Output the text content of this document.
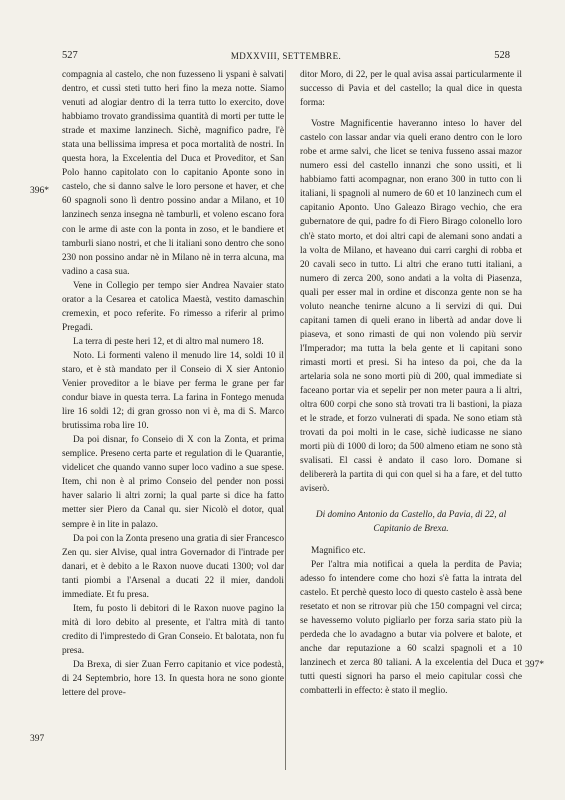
527	MDXXVIII, SETTEMBRE.	528
396*
397
397*

compagnia al castelo, che non fuzesseno li yspani è salvati dentro, et cussì steti tutto heri fino la meza notte. Siamo venuti ad alogiar dentro di la terra tutto lo exercito, dove habbiamo trovato grandissima quantità di morti per tutte le strade et maxime lanzinech. Sichè, magnifico padre, l'è stata una bellissima impresa et poca mortalità de nostri. In questa hora, la Excelentia del Duca et Proveditor, et San Polo hanno capitolato con lo capitanio Aponte sono in castelo, che si danno salve le loro persone et haver, et che 60 spagnoli sono lì dentro possino andar a Milano, et 10 lanzinech senza insegna nè tamburli, et voleno escano fora con le arme di aste con la ponta in zoso, et le bandiere et tamburli siano nostri, et che li italiani sono dentro che sono 230 non possino andar nè in Milano nè in terra alcuna, ma vadino a casa sua.

Vene in Collegio per tempo sier Andrea Navaier stato orator a la Cesarea et catolica Maestà, vestito damaschin cremexin, et poco referite. Fo rimesso a riferir al primo Pregadi.

La terra di peste heri 12, et di altro mal numero 18.

Noto. Li formenti valeno il menudo lire 14, soldi 10 il staro, et è stà mandato per il Conseio di X sier Antonio Venier proveditor a le biave per ferma le grane per far condur biave in questa terra. La farina in Fontego menuda lire 16 soldi 12; di gran grosso non vi è, ma di S. Marco brutissima roba lire 10.

Da poi disnar, fo Conseio di X con la Zonta, et prima semplice. Preseno certa parte et regulation di le Quarantie, videlicet che quando vanno super loco vadino a sue spese. Item, chi non è al primo Conseio del pender non possi haver salario li altri zorni; la qual parte si dice ha fatto metter sier Piero da Canal qu. sier Nicolò el dotor, qual sempre è in lite in palazo.

Da poi con la Zonta preseno una gratia di sier Francesco Zen qu. sier Alvise, qual intra Governador di l'intrade per danari, et è debito a le Raxon nuove ducati 1300; vol dar tanti piombi a l'Arsenal a ducati 22 il mier, dandoli immediate. Et fu presa.

Item, fu posto li debitori di le Raxon nuove pagino la mità di loro debito al presente, et l'altra mità di tanto credito di l'imprestedo di Gran Conseio. Et balotata, non fu presa.

Da Brexa, di sier Zuan Ferro capitanio et vice podestà, di 24 Septembrio, hore 13. In questa hora ne sono gionte lettere del prove-

ditor Moro, di 22, per le qual avisa assai particularmente il successo di Pavia et del castello; la qual dice in questa forma:

Vostre Magnificentie haveranno inteso lo haver del castelo con lassar andar via queli erano dentro con le loro robe et arme salvi, che licet se teniva fusseno assai mazor numero essi del castello innanzi che sono ussiti, et li habbiamo fatti acompagnar, non erano 300 in tutto con li italiani, li spagnoli al numero de 60 et 10 lanzinech cum el capitanio Aponto. Uno Galeazo Birago vechio, che era gubernatore de qui, padre fo di Fiero Birago colonello loro ch'è stato morto, et doi altri capi de alemani sono andati a la volta de Milano, et haveano dui carri carghi di robba et 20 cavali seco in tutto. Li altri che erano tutti italiani, a numero di zerca 200, sono andati a la volta di Piasenza, quali per esser mal in ordine et disconza gente non se ha voluto neanche tenirne alcuno a li servizi di qui. Dui capitani tamen di queli erano in libertà ad andar dove li piaseva, et sono rimasti de qui non volendo più servir l'Imperador; ma tutta la bela gente et li capitani sono rimasti morti et presi. Si ha inteso da poi, che da la artelaria sola ne sono morti più di 200, qual immediate si faceano portar via et sepelir per non meter paura a li altri, oltra 600 corpi che sono stà trovati tra li bastioni, la piaza et le strade, et forzo vulnerati di spada. Ne sono etiam stà trovati da poi molti in le case, sichè iudicasse ne siano morti più di 1000 di loro; da 500 almeno etiam ne sono stà svalisati. El cassi è andato il caso loro. Domane si delibererà la partita di qui con quel si ha a fare, et del tutto aviserò.

Di domino Antonio da Castello, da Pavia, di 22, al Capitanio de Brexa.

Magnifico etc.

Per l'altra mia notificai a quela la perdita de Pavia; adesso fo intendere come cho hozi s'è fatta la intrata del castelo. Et perchè questo loco di questo castelo è assà bene resetato et non se ritrovar più che 150 compagni vel circa; se havessemo voluto pigliarlo per forza saria stato più la perdeda che lo avadagno a butar via polvere et balote, et anche dar reputazione a 60 scalzi spagnoli et a 10 lanzinech et zerca 80 taliani. A la excelentia del Duca et tutti questi signori ha parso el meio capitular cossì che combatterli in effecto: è stato il meglio.
